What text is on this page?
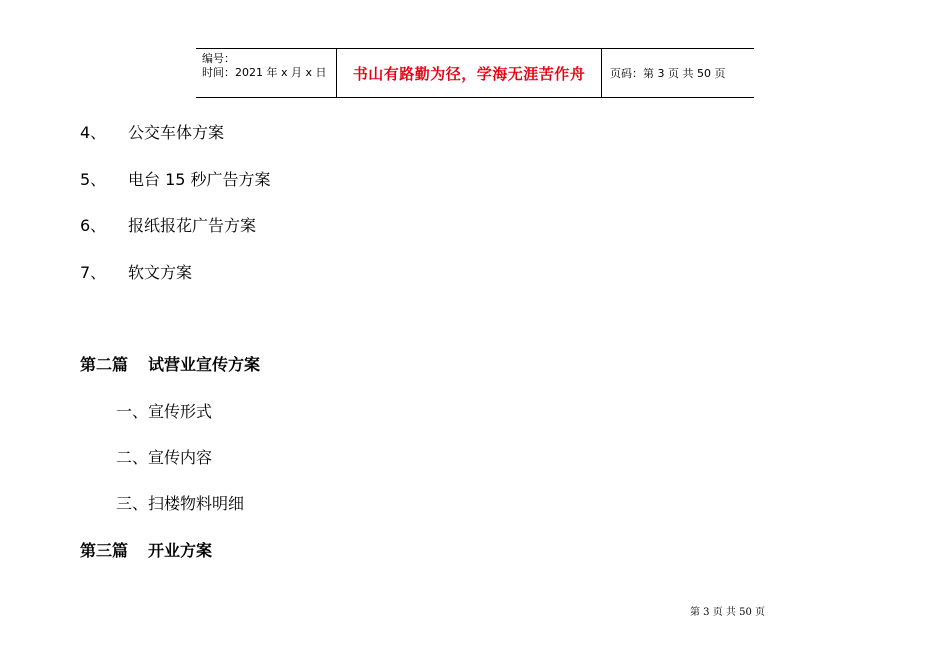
编号：
时间：2021 年 x 月 x 日	书山有路勤为径，学海无涯苦作舟	页码：第 3 页 共 50 页
4、 公交车体方案
5、 电台 15 秒广告方案
6、 报纸报花广告方案
7、 软文方案
第二篇 试营业宣传方案
一、宣传形式
二、宣传内容
三、扫楼物料明细
第三篇 开业方案
第 3 页 共 50 页
